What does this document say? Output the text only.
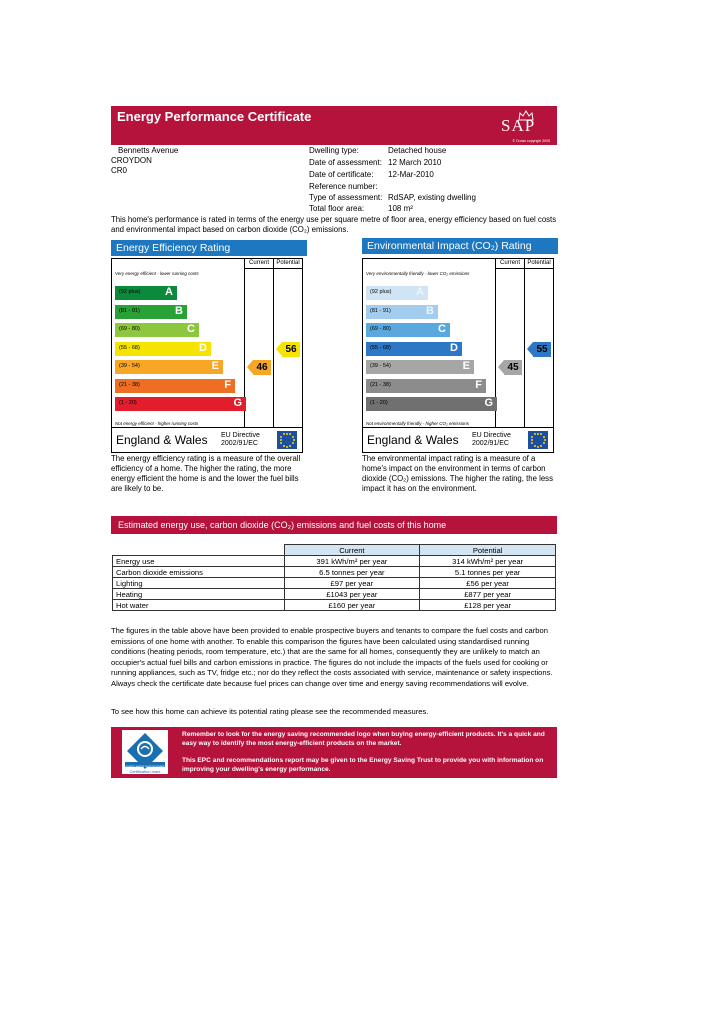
Energy Performance Certificate	SAP
© Crown copyright 2009
Bennetts Avenue
CROYDON
CR0
Dwelling type:	Detached house
Date of assessment: 12 March 2010
Date of certificate: 12-Mar-2010
Reference number:
Type of assessment: RdSAP, existing dwelling
Total floor area:	108 m²
This home's performance is rated in terms of the energy use per square metre of floor area, energy efficiency based on fuel costs and environmental impact based on carbon dioxide (CO₂) emissions.
Energy Efficiency Rating
Current	Potential
Very energy efficient - lower running costs
Not energy efficient - higher running costs
England & Wales EU Directive 2002/91/EC
(92 plus) A
(81 - 91)	B
(69 - 80)	C
(55 - 68)	D
(39 - 54)	E
(21 - 38)	F
(1 - 20)	G
46
56
The energy efficiency rating is a measure of the overall efficiency of a home. The higher the rating, the more energy efficient the home is and the lower the fuel bills are likely to be.
Environmental Impact (CO₂) Rating
Current	Potential
Very environmentally friendly - lower CO₂ emissions
Not environmentally friendly - higher CO₂ emissions
England & Wales EU Directive 2002/91/EC
(92 plus) A
(81 - 91)	B
(69 - 80)	C
(55 - 68)	D
(39 - 54)	E
(21 - 38)	F
(1 - 20)	G
45
55
The environmental impact rating is a measure of a home's impact on the environment in terms of carbon dioxide (CO₂) emissions. The higher the rating, the less impact it has on the environment.
Estimated energy use, carbon dioxide (CO₂) emissions and fuel costs of this home
	Current	Potential
Energy use	391 kWh/m² per year	314 kWh/m² per year
Carbon dioxide emissions	6.5 tonnes per year	5.1 tonnes per year
Lighting	£97 per year	£56 per year
Heating	£1043 per year	£877 per year
Hot water	£160 per year	£128 per year
The figures in the table above have been provided to enable prospective buyers and tenants to compare the fuel costs and carbon emissions of one home with another. To enable this comparison the figures have been calculated using standardised running conditions (heating periods, room temperature, etc.) that are the same for all homes, consequently they are unlikely to match an occupier's actual fuel bills and carbon emissions in practice. The figures do not include the impacts of the fuels used for cooking or running appliances, such as TV, fridge etc.; nor do they reflect the costs associated with service, maintenance or safety inspections. Always check the certificate date because fuel prices can change over time and energy saving recommendations will evolve.
To see how this home can achieve its potential rating please see the recommended measures.
energy saving recommended
Certification mark
Remember to look for the energy saving recommended logo when buying energy-efficient products. It's a quick and easy way to identify the most energy-efficient products on the market.
This EPC and recommendations report may be given to the Energy Saving Trust to provide you with information on improving your dwelling's energy performance.
